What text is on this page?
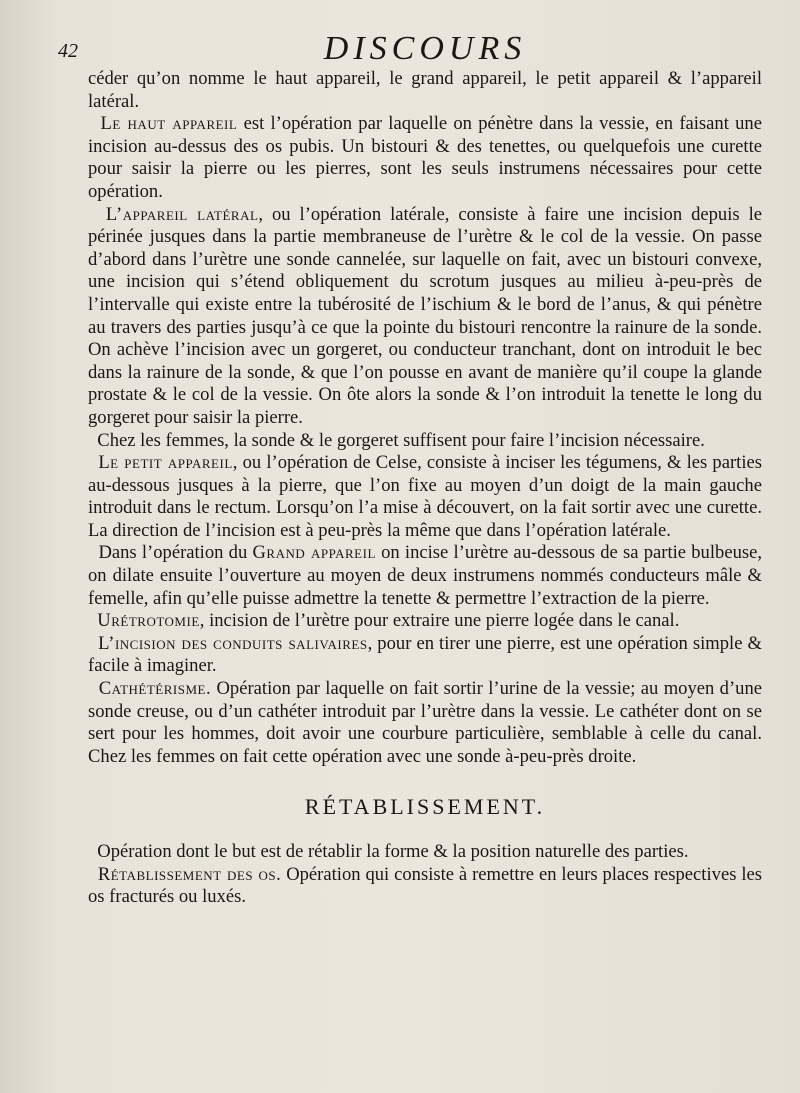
42	DISCOURS

céder qu’on nomme le haut appareil, le grand appareil, le petit appareil & l’appareil latéral.

Le haut appareil est l’opération par laquelle on pénètre dans la vessie, en faisant une incision au-dessus des os pubis. Un bistouri & des tenettes, ou quelquefois une curette pour saisir la pierre ou les pierres, sont les seuls instrumens nécessaires pour cette opération.

L’appareil latéral, ou l’opération latérale, consiste à faire une incision depuis le périnée jusques dans la partie membraneuse de l’urètre & le col de la vessie. On passe d’abord dans l’urètre une sonde cannelée, sur laquelle on fait, avec un bistouri convexe, une incision qui s’étend obliquement du scrotum jusques au milieu à-peu-près de l’intervalle qui existe entre la tubérosité de l’ischium & le bord de l’anus, & qui pénètre au travers des parties jusqu’à ce que la pointe du bistouri rencontre la rainure de la sonde. On achève l’incision avec un gorgeret, ou conducteur tranchant, dont on introduit le bec dans la rainure de la sonde, & que l’on pousse en avant de manière qu’il coupe la glande prostate & le col de la vessie. On ôte alors la sonde & l’on introduit la tenette le long du gorgeret pour saisir la pierre.

Chez les femmes, la sonde & le gorgeret suffisent pour faire l’incision nécessaire.

Le petit appareil, ou l’opération de Celse, consiste à inciser les tégumens, & les parties au-dessous jusques à la pierre, que l’on fixe au moyen d’un doigt de la main gauche introduit dans le rectum. Lorsqu’on l’a mise à découvert, on la fait sortir avec une curette. La direction de l’incision est à peu-près la même que dans l’opération latérale.

Dans l’opération du Grand appareil on incise l’urètre au-dessous de sa partie bulbeuse, on dilate ensuite l’ouverture au moyen de deux instrumens nommés conducteurs mâle & femelle, afin qu’elle puisse admettre la tenette & permettre l’extraction de la pierre.

Urétrotomie, incision de l’urètre pour extraire une pierre logée dans le canal.

L’incision des conduits salivaires, pour en tirer une pierre, est une opération simple & facile à imaginer.

Cathétérisme. Opération par laquelle on fait sortir l’urine de la vessie; au moyen d’une sonde creuse, ou d’un cathéter introduit par l’urètre dans la vessie. Le cathéter dont on se sert pour les hommes, doit avoir une courbure particulière, semblable à celle du canal. Chez les femmes on fait cette opération avec une sonde à-peu-près droite.

RÉTABLISSEMENT.

Opération dont le but est de rétablir la forme & la position naturelle des parties.

Rétablissement des os. Opération qui consiste à remettre en leurs places respectives les os fracturés ou luxés.
